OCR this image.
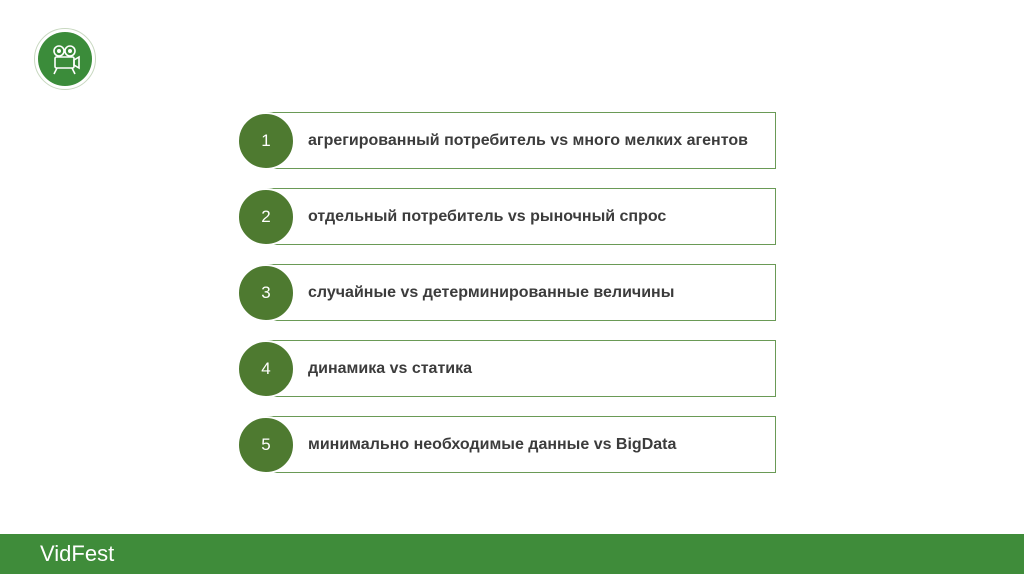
агрегированный потребитель vs много мелких агентов
1
отдельный потребитель vs рыночный спрос
2
случайные vs детерминированные величины
3
динамика vs статика
4
минимально необходимые данные vs BigData
5
VidFest
